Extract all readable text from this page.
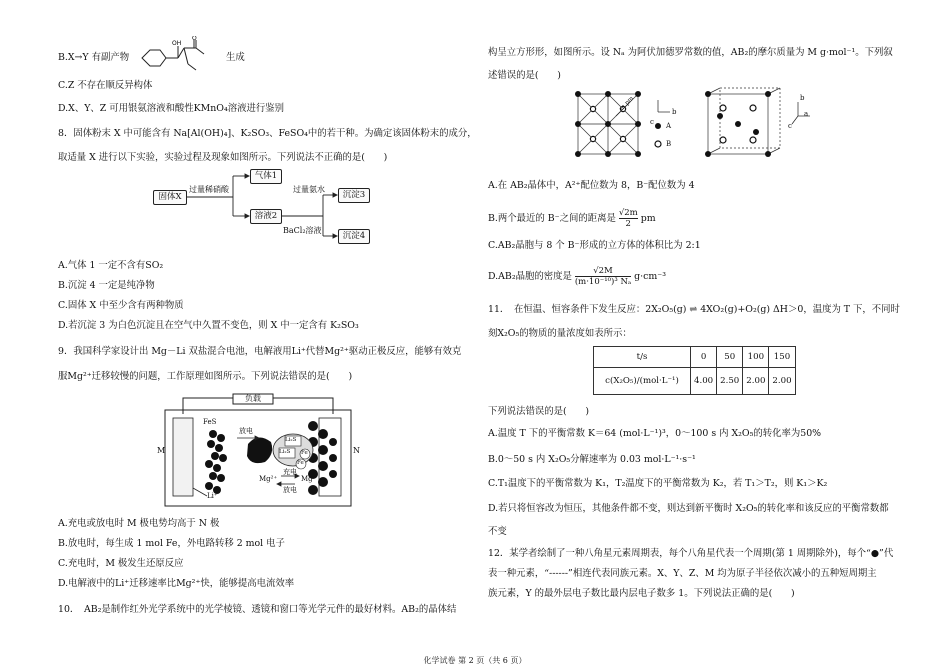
B.X→Y 有副产物
OH
O
生成
C.Z 不存在顺反异构体
D.X、Y、Z 可用银氨溶液和酸性KMnO₄溶液进行鉴别
8．固体粉末 X 中可能含有 Na[Al(OH)₄]、K₂SO₃、FeSO₄中的若干种。为确定该固体粉末的成分，
取适量 X 进行以下实验，实验过程及现象如图所示。下列说法不正确的是(　　)
固体X
过量稀硝酸
气体1
溶液2
过量氨水
BaCl₂溶液
沉淀3
沉淀4
A.气体 1 一定不含有SO₂
B.沉淀 4 一定是纯净物
C.固体 X 中至少含有两种物质
D.若沉淀 3 为白色沉淀且在空气中久置不变色，则 X 中一定含有 K₂SO₃
9．我国科学家设计出 Mg－Li 双盐混合电池，电解液用Li⁺代替Mg²⁺驱动正极反应，能够有效克
服Mg²⁺迁移较慢的问题，工作原理如图所示。下列说法错误的是(　　)
负载
M	N
FeS
放电
Li₂S
Li₂S Fe
Fe
充电
Mg²⁺	Mg
放电
Li⁺
A.充电或放电时 M 极电势均高于 N 极
B.放电时，每生成 1 mol Fe，外电路转移 2 mol 电子
C.充电时，M 极发生还原反应
D.电解液中的Li⁺迁移速率比Mg²⁺快，能够提高电流效率
10．　AB₂是制作红外光学系统中的光学棱镜、透镜和窗口等光学元件的最好材料。AB₂的晶体结
构呈立方形形，如图所示。设 Nₐ 为阿伏加德罗常数的值，AB₂的摩尔质量为 M g·mol⁻¹。下列叙
述错误的是(　　)
A
B
m pm
a
b
c
b
c
A.在 AB₂晶体中，A²⁺配位数为 8，B⁻配位数为 4
B.两个最近的 B⁻之间的距离是 $\frac{√2m}{2}$ pm
C.AB₂晶胞与 8 个 B⁻形成的立方体的体积比为 2:1
D.AB₂晶胞的密度是 $\frac{√2M}{\text{(m·10⁻¹⁰)³ Nₐ}} g\cdot cm^{-3}$
11．　在恒温、恒容条件下发生反应：2X₂O₅(g) ⇌ 4XO₂(g)+O₂(g) ΔH＞0，温度为 T 下，不同时
刻X₂O₅的物质的量浓度如表所示：
t/s	0	50	100	150
c(X₂O₅)/(mol·L⁻¹)	4.00	2.50	2.00	2.00
下列说法错误的是(　　)
A.温度 T 下的平衡常数 K＝64 (mol·L⁻¹)³，0～100 s 内 X₂O₅的转化率为50%
B.0～50 s 内 X₂O₅分解速率为 0.03 mol·L⁻¹·s⁻¹
C.T₁温度下的平衡常数为 K₁，T₂温度下的平衡常数为 K₂，若 T₁＞T₂，则 K₁＞K₂
D.若只将恒容改为恒压，其他条件都不变，则达到新平衡时 X₂O₅的转化率和该反应的平衡常数都
不变
12．某学者绘制了一种八角星元素周期表，每个八角星代表一个周期(第 1 周期除外)，每个“●”代
表一种元素，“------”相连代表同族元素。X、Y、Z、M 均为原子半径依次减小的五种短周期主
族元素，Y 的最外层电子数比最内层电子数多 1。下列说法正确的是(　　)
化学试卷 第 2 页（共 6 页）
